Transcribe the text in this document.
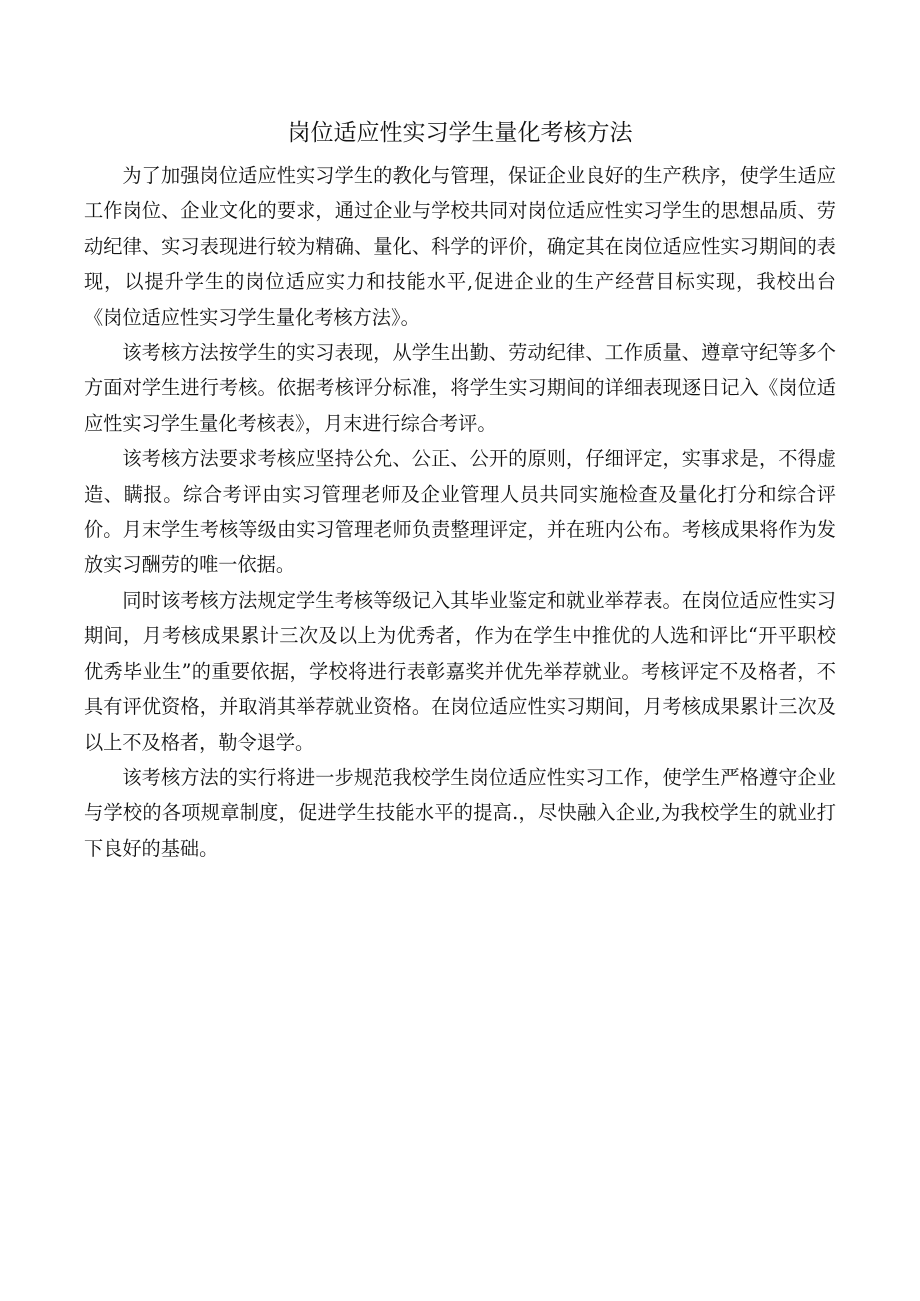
岗位适应性实习学生量化考核方法

为了加强岗位适应性实习学生的教化与管理，保证企业良好的生产秩序，使学生适应工作岗位、企业文化的要求，通过企业与学校共同对岗位适应性实习学生的思想品质、劳动纪律、实习表现进行较为精确、量化、科学的评价，确定其在岗位适应性实习期间的表现，以提升学生的岗位适应实力和技能水平,促进企业的生产经营目标实现，我校出台《岗位适应性实习学生量化考核方法》。

该考核方法按学生的实习表现，从学生出勤、劳动纪律、工作质量、遵章守纪等多个方面对学生进行考核。依据考核评分标准，将学生实习期间的详细表现逐日记入《岗位适应性实习学生量化考核表》，月末进行综合考评。

该考核方法要求考核应坚持公允、公正、公开的原则，仔细评定，实事求是，不得虚造、瞒报。综合考评由实习管理老师及企业管理人员共同实施检查及量化打分和综合评价。月末学生考核等级由实习管理老师负责整理评定，并在班内公布。考核成果将作为发放实习酬劳的唯一依据。

同时该考核方法规定学生考核等级记入其毕业鉴定和就业举荐表。在岗位适应性实习期间，月考核成果累计三次及以上为优秀者，作为在学生中推优的人选和评比“开平职校优秀毕业生”的重要依据，学校将进行表彰嘉奖并优先举荐就业。考核评定不及格者，不具有评优资格，并取消其举荐就业资格。在岗位适应性实习期间，月考核成果累计三次及以上不及格者，勒令退学。

该考核方法的实行将进一步规范我校学生岗位适应性实习工作，使学生严格遵守企业与学校的各项规章制度，促进学生技能水平的提高.，尽快融入企业,为我校学生的就业打下良好的基础。
